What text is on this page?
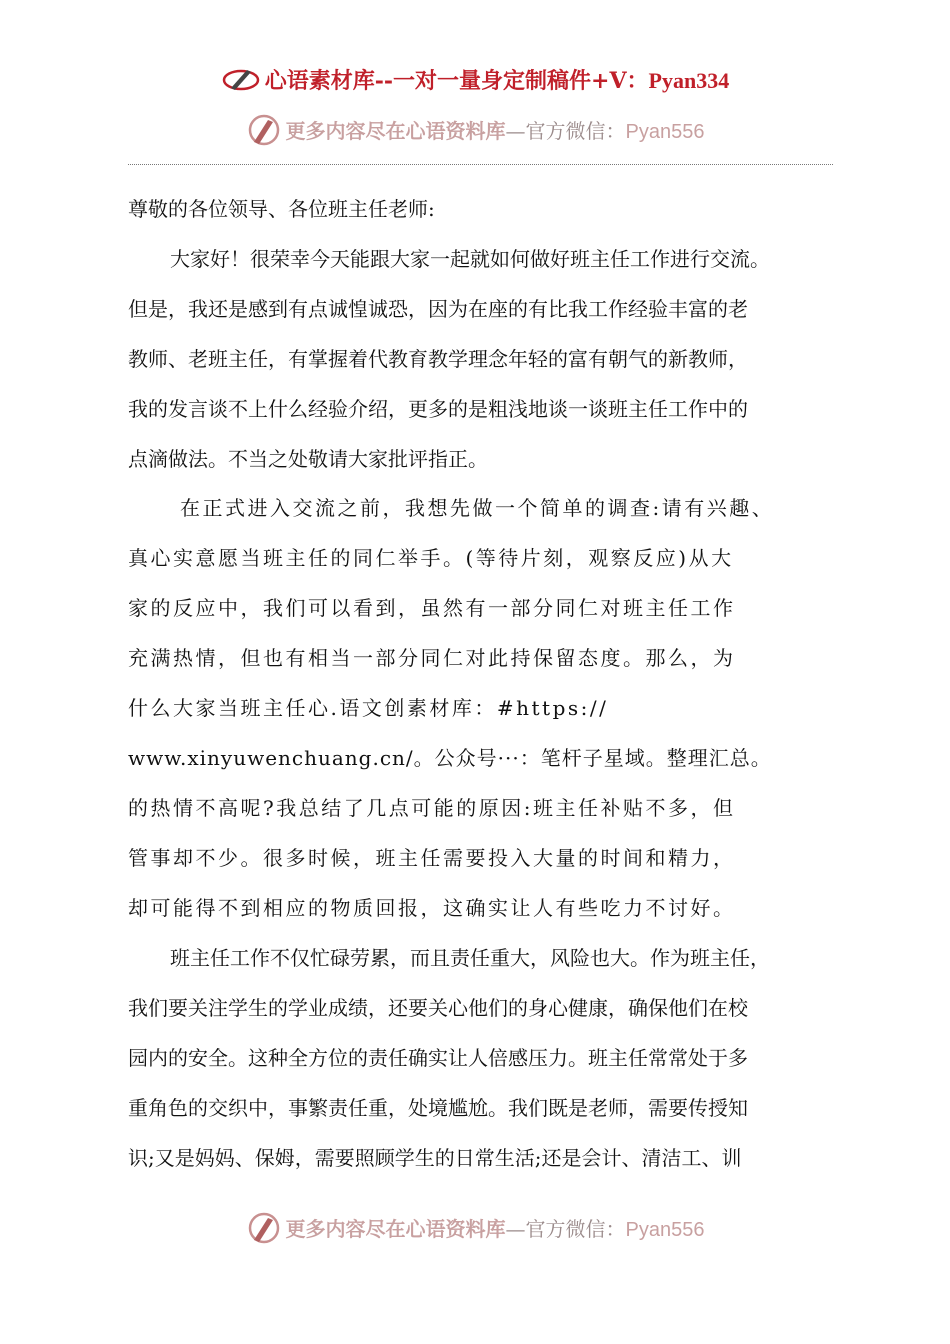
心语素材库--一对一量身定制稿件+V：Pyan334
更多内容尽在心语资料库—官方微信：Pyan556
尊敬的各位领导、各位班主任老师:
大家好！很荣幸今天能跟大家一起就如何做好班主任工作进行交流。
但是，我还是感到有点诚惶诚恐，因为在座的有比我工作经验丰富的老
教师、老班主任，有掌握着代教育教学理念年轻的富有朝气的新教师，
我的发言谈不上什么经验介绍，更多的是粗浅地谈一谈班主任工作中的
点滴做法。不当之处敬请大家批评指正。
在正式进入交流之前，我想先做一个简单的调查:请有兴趣、
真心实意愿当班主任的同仁举手。(等待片刻，观察反应)从大
家的反应中，我们可以看到，虽然有一部分同仁对班主任工作
充满热情，但也有相当一部分同仁对此持保留态度。那么，为
什么大家当班主任心.语文创素材库：#https://
www.xinyuwenchuang.cn/。公众号···：笔杆子星域。整理汇总。
的热情不高呢?我总结了几点可能的原因:班主任补贴不多，但
管事却不少。很多时候，班主任需要投入大量的时间和精力，
却可能得不到相应的物质回报，这确实让人有些吃力不讨好。
班主任工作不仅忙碌劳累，而且责任重大，风险也大。作为班主任，
我们要关注学生的学业成绩，还要关心他们的身心健康，确保他们在校
园内的安全。这种全方位的责任确实让人倍感压力。班主任常常处于多
重角色的交织中，事繁责任重，处境尴尬。我们既是老师，需要传授知
识;又是妈妈、保姆，需要照顾学生的日常生活;还是会计、清洁工、训
更多内容尽在心语资料库—官方微信：Pyan556
